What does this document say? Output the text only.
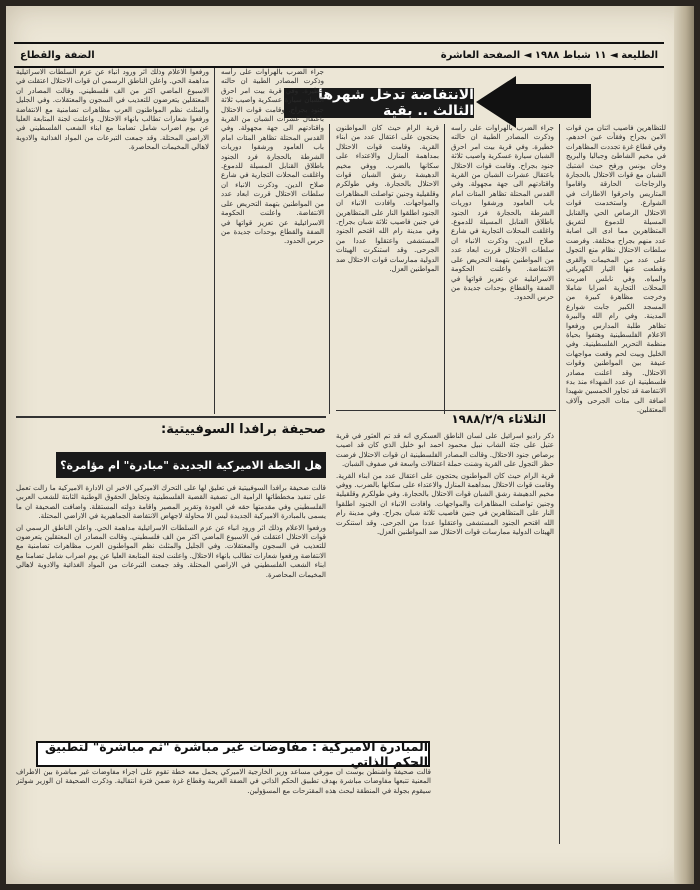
الضفة والقطاع	الطليعة ◄ ١١ شباط ١٩٨٨ ◄ الصفحة العاشرة
الانتفاضة تدخل شهرها الثالث .. بقية

للتظاهرين فاصيب اثنان من قوات الامن بجراح وفقأت عين احدهم. وفي قطاع غزة تجددت المظاهرات في مخيم الشاطئ وجباليا والبريج وخان يونس ورفح حيث اشتبك الشبان مع قوات الاحتلال بالحجارة والزجاجات الحارقة واقاموا المتاريس واحرقوا الاطارات في الشوارع. واستخدمت قوات الاحتلال الرصاص الحي والقنابل المسيلة للدموع لتفريق المتظاهرين مما ادى الى اصابة عدد منهم بجراح مختلفة. وفرضت سلطات الاحتلال نظام منع التجول على عدد من المخيمات والقرى وقطعت عنها التيار الكهربائي والمياه. وفي نابلس اضربت المحلات التجارية اضرابا شاملا وخرجت مظاهرة كبيرة من المسجد الكبير جابت شوارع المدينة. وفي رام الله والبيرة تظاهر طلبة المدارس ورفعوا الاعلام الفلسطينية وهتفوا بحياة منظمة التحرير الفلسطينية. وفي الخليل وبيت لحم وقعت مواجهات عنيفة بين المواطنين وقوات الاحتلال. وقد اعلنت مصادر فلسطينية ان عدد الشهداء منذ بدء الانتفاضة قد تجاوز الخمسين شهيدا اضافة الى مئات الجرحى وآلاف المعتقلين.

جراء الضرب بالهراوات على رأسه وذكرت المصادر الطبية ان حالته خطيرة. وفي قرية بيت امر احرق الشبان سيارة عسكرية واصيب ثلاثة جنود بجراح. وقامت قوات الاحتلال باعتقال عشرات الشبان من القرية واقتادتهم الى جهة مجهولة. وفي القدس المحتلة تظاهر المئات امام باب العامود ورشقوا دوريات الشرطة بالحجارة فرد الجنود باطلاق القنابل المسيلة للدموع. واغلقت المحلات التجارية في شارع صلاح الدين. وذكرت الانباء ان سلطات الاحتلال قررت ابعاد عدد من المواطنين بتهمة التحريض على الانتفاضة. واعلنت الحكومة الاسرائيلية عن تعزيز قواتها في الضفة والقطاع بوحدات جديدة من حرس الحدود.

قرية الرام حيث كان المواطنون يحتجون على اعتقال عدد من ابناء القرية. وقامت قوات الاحتلال بمداهمة المنازل والاعتداء على سكانها بالضرب. ووفي مخيم الدهيشة رشق الشبان قوات الاحتلال بالحجارة. وفي طولكرم وقلقيلية وجنين تواصلت المظاهرات والمواجهات. وافادت الانباء ان الجنود اطلقوا النار على المتظاهرين في جنين فاصيب ثلاثة شبان بجراح. وفي مدينة رام الله اقتحم الجنود المستشفى واعتقلوا عددا من الجرحى. وقد استنكرت الهيئات الدولية ممارسات قوات الاحتلال ضد المواطنين العزل.

جراء الضرب بالهراوات على رأسه وذكرت المصادر الطبية ان حالته خطيرة. وفي قرية بيت امر احرق الشبان سيارة عسكرية واصيب ثلاثة جنود بجراح. وقامت قوات الاحتلال باعتقال عشرات الشبان من القرية واقتادتهم الى جهة مجهولة. وفي القدس المحتلة تظاهر المئات امام باب العامود ورشقوا دوريات الشرطة بالحجارة فرد الجنود باطلاق القنابل المسيلة للدموع. واغلقت المحلات التجارية في شارع صلاح الدين. وذكرت الانباء ان سلطات الاحتلال قررت ابعاد عدد من المواطنين بتهمة التحريض على الانتفاضة. واعلنت الحكومة الاسرائيلية عن تعزيز قواتها في الضفة والقطاع بوحدات جديدة من حرس الحدود.

ورفعوا الاعلام وذلك اثر ورود انباء عن عزم السلطات الاسرائيلية مداهمة الحي. واعلن الناطق الرسمي ان قوات الاحتلال اعتقلت في الاسبوع الماضي اكثر من الف فلسطيني. وقالت المصادر ان المعتقلين يتعرضون للتعذيب في السجون والمعتقلات. وفي الجليل والمثلث نظم المواطنون العرب مظاهرات تضامنية مع الانتفاضة ورفعوا شعارات تطالب بانهاء الاحتلال. واعلنت لجنة المتابعة العليا عن يوم اضراب شامل تضامنا مع ابناء الشعب الفلسطيني في الاراضي المحتلة. وقد جمعت التبرعات من المواد الغذائية والادوية لاهالي المخيمات المحاصرة.

الثلاثاء ١٩٨٨/٢/٩

ذكر راديو اسرائيل على لسان الناطق العسكري انه قد تم العثور في قرية عتيل على جثة الشاب نبيل محمود احمد ابو خليل الذي كان قد اصيب برصاص جنود الاحتلال. وقالت المصادر الفلسطينية ان قوات الاحتلال فرضت حظر التجول على القرية وشنت حملة اعتقالات واسعة في صفوف الشبان.

قرية الرام حيث كان المواطنون يحتجون على اعتقال عدد من ابناء القرية. وقامت قوات الاحتلال بمداهمة المنازل والاعتداء على سكانها بالضرب. ووفي مخيم الدهيشة رشق الشبان قوات الاحتلال بالحجارة. وفي طولكرم وقلقيلية وجنين تواصلت المظاهرات والمواجهات. وافادت الانباء ان الجنود اطلقوا النار على المتظاهرين في جنين فاصيب ثلاثة شبان بجراح. وفي مدينة رام الله اقتحم الجنود المستشفى واعتقلوا عددا من الجرحى. وقد استنكرت الهيئات الدولية ممارسات قوات الاحتلال ضد المواطنين العزل.

صحيفة برافدا السوفييتية:
هل الخطة الاميركية الجديدة "مبادرة" ام مؤامرة؟

قالت صحيفة برافدا السوفييتية في تعليق لها على التحرك الاميركي الاخير ان الادارة الاميركية ما زالت تعمل على تنفيذ مخططاتها الرامية الى تصفية القضية الفلسطينية وتجاهل الحقوق الوطنية الثابتة للشعب العربي الفلسطيني وفي مقدمتها حقه في العودة وتقرير المصير واقامة دولته المستقلة. واضافت الصحيفة ان ما يسمى بالمبادرة الاميركية الجديدة ليس الا محاولة لاجهاض الانتفاضة الجماهيرية في الاراضي المحتلة.

ورفعوا الاعلام وذلك اثر ورود انباء عن عزم السلطات الاسرائيلية مداهمة الحي. واعلن الناطق الرسمي ان قوات الاحتلال اعتقلت في الاسبوع الماضي اكثر من الف فلسطيني. وقالت المصادر ان المعتقلين يتعرضون للتعذيب في السجون والمعتقلات. وفي الجليل والمثلث نظم المواطنون العرب مظاهرات تضامنية مع الانتفاضة ورفعوا شعارات تطالب بانهاء الاحتلال. واعلنت لجنة المتابعة العليا عن يوم اضراب شامل تضامنا مع ابناء الشعب الفلسطيني في الاراضي المحتلة. وقد جمعت التبرعات من المواد الغذائية والادوية لاهالي المخيمات المحاصرة.

المبادرة الاميركية : مفاوضات غير مباشرة "ثم مباشرة" لتطبيق الحكم الذاتي

قالت صحيفة واشنطن بوست ان مورفي مساعد وزير الخارجية الاميركي يحمل معه خطة تقوم على اجراء مفاوضات غير مباشرة بين الاطراف المعنية تتبعها مفاوضات مباشرة بهدف تطبيق الحكم الذاتي في الضفة الغربية وقطاع غزة ضمن فترة انتقالية. وذكرت الصحيفة ان الوزير شولتز سيقوم بجولة في المنطقة لبحث هذه المقترحات مع المسؤولين.
